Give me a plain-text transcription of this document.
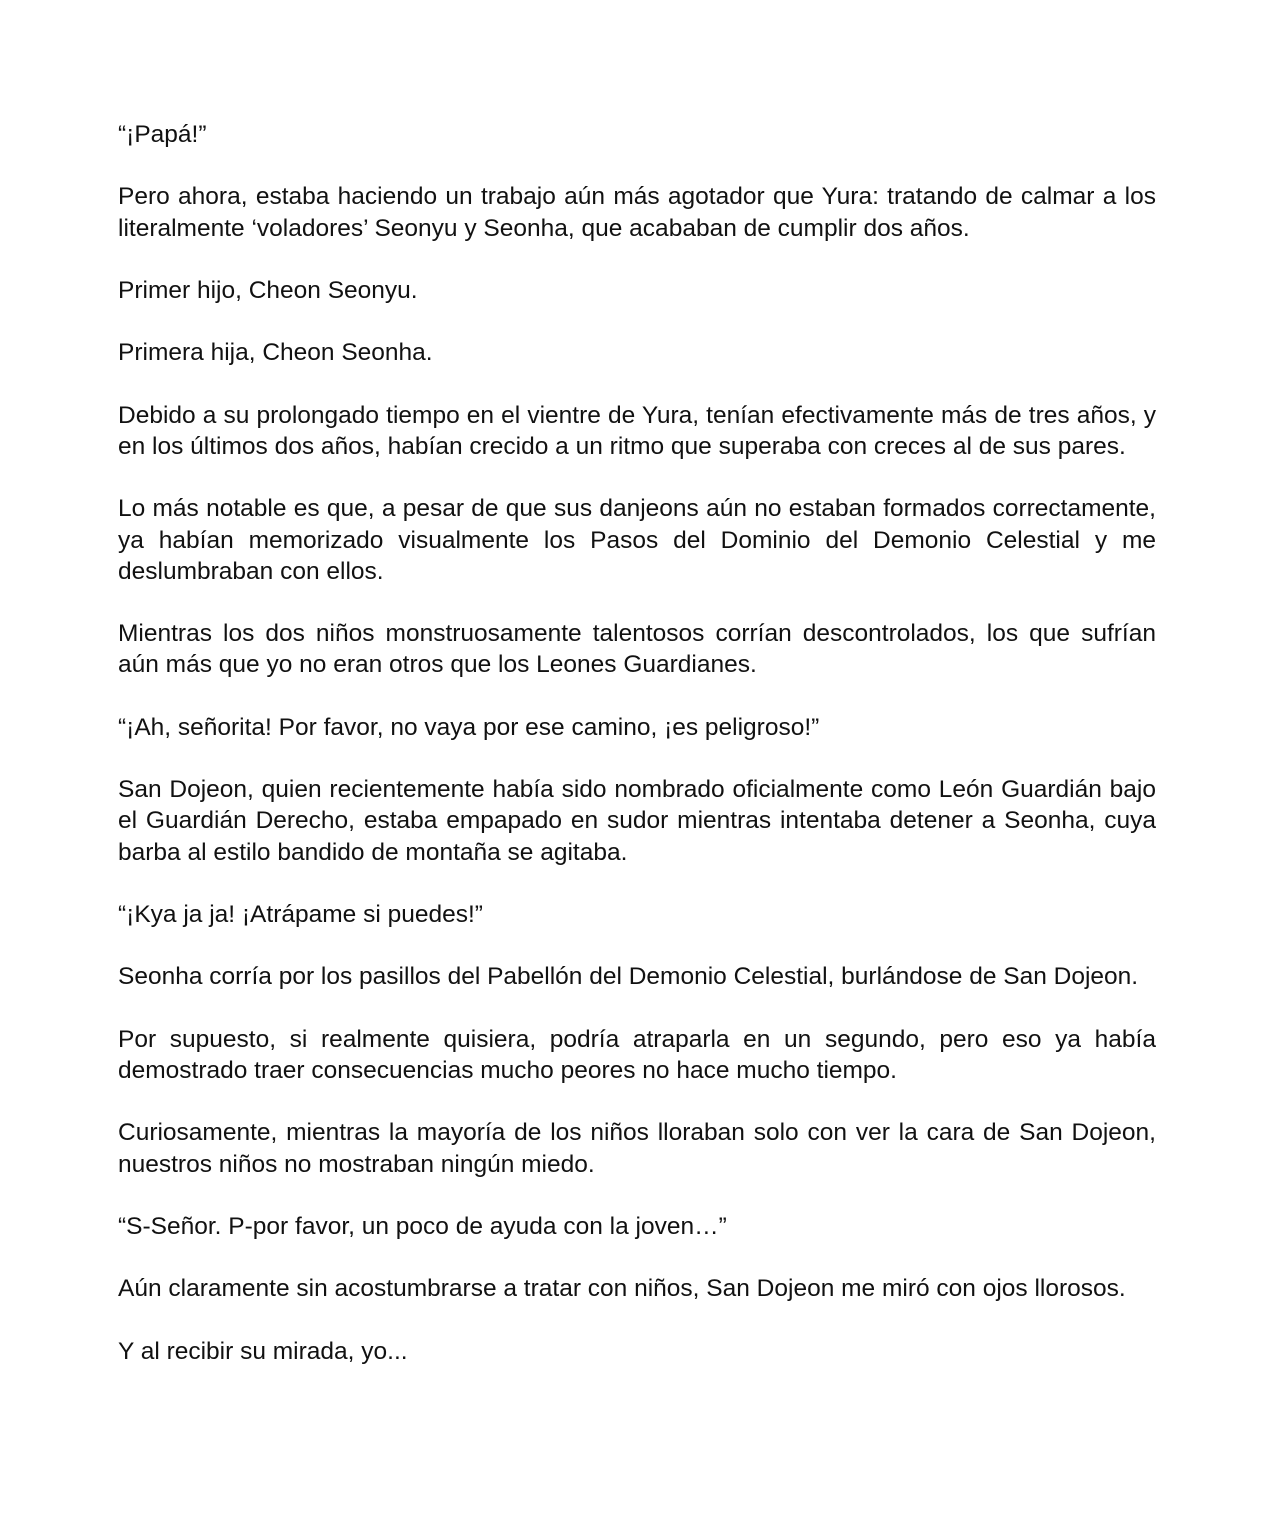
“¡Papá!”

Pero ahora, estaba haciendo un trabajo aún más agotador que Yura: tratando de calmar a los literalmente ‘voladores’ Seonyu y Seonha, que acababan de cumplir dos años.

Primer hijo, Cheon Seonyu.

Primera hija, Cheon Seonha.

Debido a su prolongado tiempo en el vientre de Yura, tenían efectivamente más de tres años, y en los últimos dos años, habían crecido a un ritmo que superaba con creces al de sus pares.

Lo más notable es que, a pesar de que sus danjeons aún no estaban formados correctamente, ya habían memorizado visualmente los Pasos del Dominio del Demonio Celestial y me deslumbraban con ellos.

Mientras los dos niños monstruosamente talentosos corrían descontrolados, los que sufrían aún más que yo no eran otros que los Leones Guardianes.

“¡Ah, señorita! Por favor, no vaya por ese camino, ¡es peligroso!”

San Dojeon, quien recientemente había sido nombrado oficialmente como León Guardián bajo el Guardián Derecho, estaba empapado en sudor mientras intentaba detener a Seonha, cuya barba al estilo bandido de montaña se agitaba.

“¡Kya ja ja! ¡Atrápame si puedes!”

Seonha corría por los pasillos del Pabellón del Demonio Celestial, burlándose de San Dojeon.

Por supuesto, si realmente quisiera, podría atraparla en un segundo, pero eso ya había demostrado traer consecuencias mucho peores no hace mucho tiempo.

Curiosamente, mientras la mayoría de los niños lloraban solo con ver la cara de San Dojeon, nuestros niños no mostraban ningún miedo.

“S-Señor. P-por favor, un poco de ayuda con la joven…”

Aún claramente sin acostumbrarse a tratar con niños, San Dojeon me miró con ojos llorosos.

Y al recibir su mirada, yo...
